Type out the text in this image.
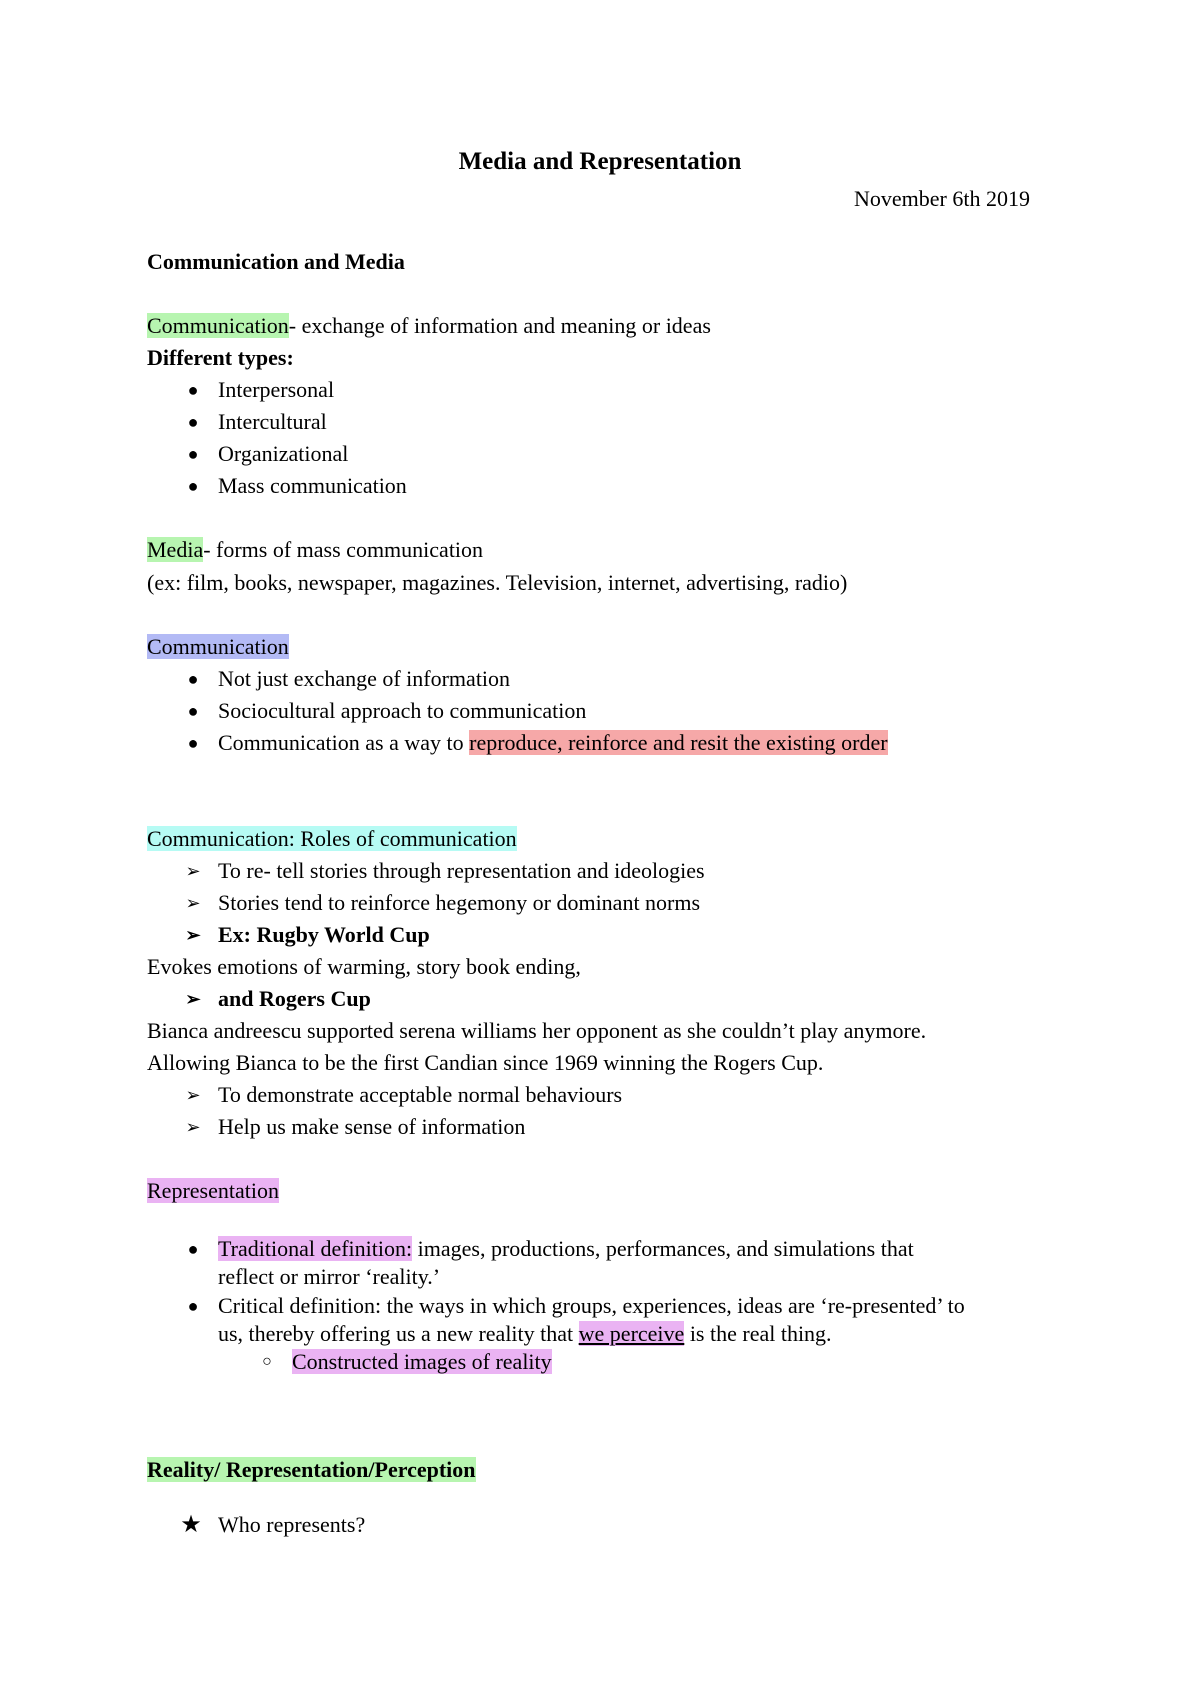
Media and Representation
November 6th 2019
Communication and Media
Communication- exchange of information and meaning or ideas
Different types:
● Interpersonal
● Intercultural
● Organizational
● Mass communication
Media- forms of mass communication
(ex: film, books, newspaper, magazines. Television, internet, advertising, radio)
Communication
● Not just exchange of information
● Sociocultural approach to communication
● Communication as a way to reproduce, reinforce and resit the existing order
Communication: Roles of communication
➢ To re- tell stories through representation and ideologies
➢ Stories tend to reinforce hegemony or dominant norms
➢ Ex: Rugby World Cup
Evokes emotions of warming, story book ending,
➢ and Rogers Cup
Bianca andreescu supported serena williams her opponent as she couldn’t play anymore.
Allowing Bianca to be the first Candian since 1969 winning the Rogers Cup.
➢ To demonstrate acceptable normal behaviours
➢ Help us make sense of information
Representation
● Traditional definition: images, productions, performances, and simulations that
reflect or mirror ‘reality.’
● Critical definition: the ways in which groups, experiences, ideas are ‘re-presented’ to
us, thereby offering us a new reality that we perceive is the real thing.
○ Constructed images of reality
Reality/ Representation/Perception
★ Who represents?
